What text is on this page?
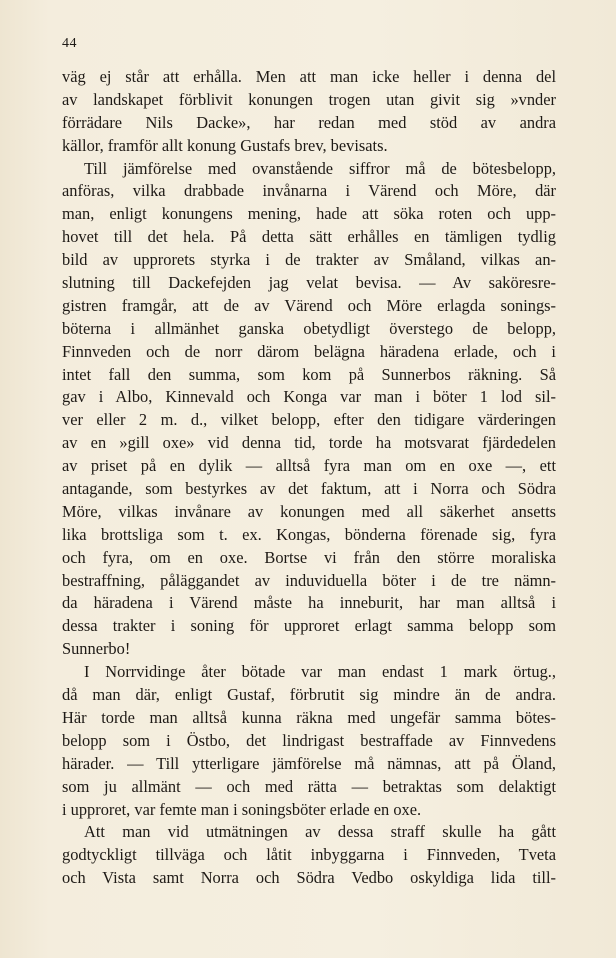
44
väg ej står att erhålla. Men att man icke heller i denna del
av landskapet förblivit konungen trogen utan givit sig »vnder
förrädare Nils Dacke», har redan med stöd av andra
källor, framför allt konung Gustafs brev, bevisats.
Till jämförelse med ovanstående siffror må de bötesbelopp,
anföras, vilka drabbade invånarna i Värend och Möre, där
man, enligt konungens mening, hade att söka roten och upp-
hovet till det hela. På detta sätt erhålles en tämligen tydlig
bild av upprorets styrka i de trakter av Småland, vilkas an-
slutning till Dackefejden jag velat bevisa. — Av saköresre-
gistren framgår, att de av Värend och Möre erlagda sonings-
böterna i allmänhet ganska obetydligt överstego de belopp,
Finnveden och de norr därom belägna häradena erlade, och i
intet fall den summa, som kom på Sunnerbos räkning. Så
gav i Albo, Kinnevald och Konga var man i böter 1 lod sil-
ver eller 2 m. d., vilket belopp, efter den tidigare värderingen
av en »gill oxe» vid denna tid, torde ha motsvarat fjärdedelen
av priset på en dylik — alltså fyra man om en oxe —, ett
antagande, som bestyrkes av det faktum, att i Norra och Södra
Möre, vilkas invånare av konungen med all säkerhet ansetts
lika brottsliga som t. ex. Kongas, bönderna förenade sig, fyra
och fyra, om en oxe. Bortse vi från den större moraliska
bestraffning, påläggandet av induviduella böter i de tre nämn-
da häradena i Värend måste ha inneburit, har man alltså i
dessa trakter i soning för upproret erlagt samma belopp som
Sunnerbo!
I Norrvidinge åter bötade var man endast 1 mark örtug.,
då man där, enligt Gustaf, förbrutit sig mindre än de andra.
Här torde man alltså kunna räkna med ungefär samma bötes-
belopp som i Östbo, det lindrigast bestraffade av Finnvedens
härader. — Till ytterligare jämförelse må nämnas, att på Öland,
som ju allmänt — och med rätta — betraktas som delaktigt
i upproret, var femte man i soningsböter erlade en oxe.
Att man vid utmätningen av dessa straff skulle ha gått
godtyckligt tillväga och låtit inbyggarna i Finnveden, Tveta
och Vista samt Norra och Södra Vedbo oskyldiga lida till-
